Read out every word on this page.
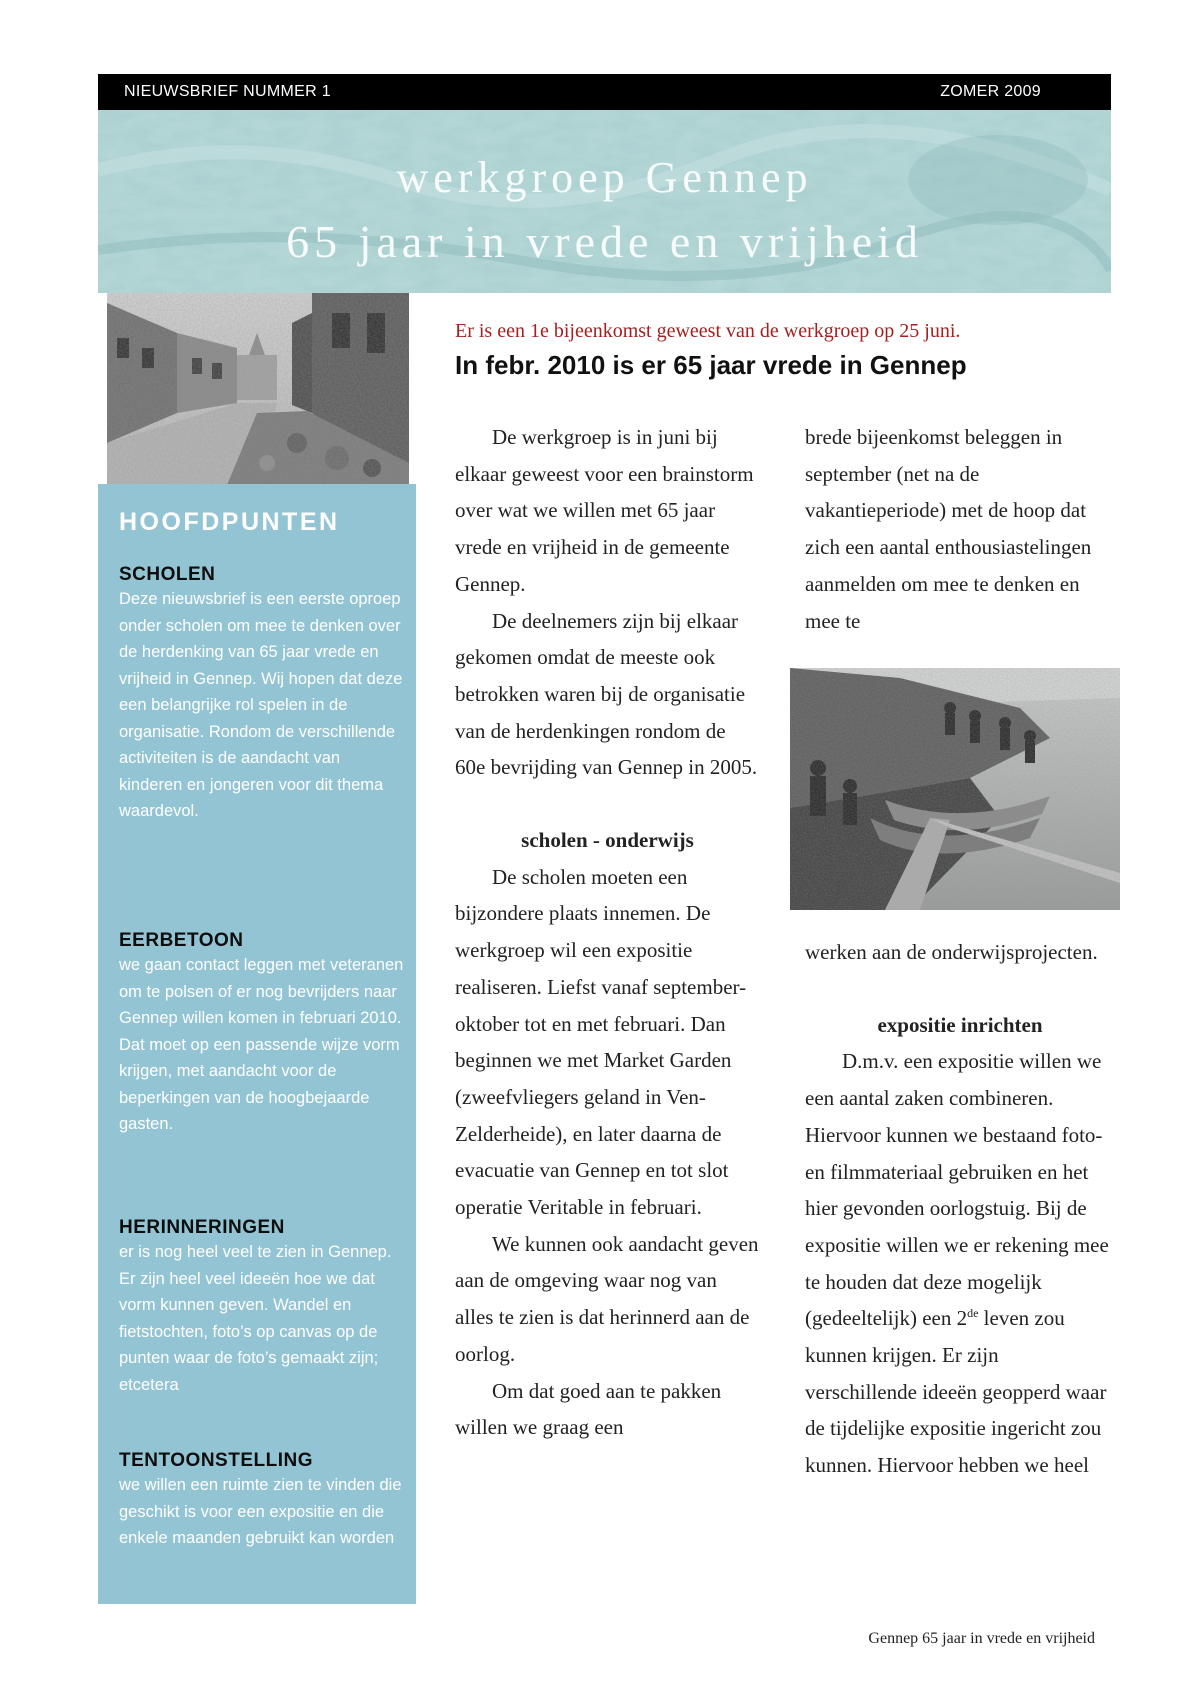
NIEUWSBRIEF NUMMER 1	ZOMER 2009
werkgroep Gennep
65 jaar in vrede en vrijheid
HOOFDPUNTEN
SCHOLEN
Deze nieuwsbrief is een eerste oproep onder scholen om mee te denken over de herdenking van 65 jaar vrede en vrijheid in Gennep. Wij hopen dat deze een belangrijke rol spelen in de organisatie. Rondom de verschillende activiteiten is de aandacht van kinderen en jongeren voor dit thema waardevol.
EERBETOON
we gaan contact leggen met veteranen om te polsen of er nog bevrijders naar Gennep willen komen in februari 2010. Dat moet op een passende wijze vorm krijgen, met aandacht voor de beperkingen van de hoogbejaarde gasten.
HERINNERINGEN
er is nog heel veel te zien in Gennep. Er zijn heel veel ideeën hoe we dat vorm kunnen geven. Wandel en fietstochten, foto’s op canvas op de punten waar de foto’s gemaakt zijn; etcetera
TENTOONSTELLING
we willen een ruimte zien te vinden die geschikt is voor een expositie en die enkele maanden gebruikt kan worden
Er is een 1e bijeenkomst geweest van de werkgroep op 25 juni.
In febr. 2010 is er 65 jaar vrede in Gennep

De werkgroep is in juni bij elkaar geweest voor een brainstorm over wat we willen met 65 jaar vrede en vrijheid in de gemeente Gennep.

De deelnemers zijn bij elkaar gekomen omdat de meeste ook betrokken waren bij de organisatie van de herdenkingen rondom de 60e bevrijding van Gennep in 2005.

scholen - onderwijs

De scholen moeten een bijzondere plaats innemen. De werkgroep wil een expositie realiseren. Liefst vanaf september-oktober tot en met februari. Dan beginnen we met Market Garden (zweefvliegers geland in Ven-Zelderheide), en later daarna de evacuatie van Gennep en tot slot operatie Veritable in februari.

We kunnen ook aandacht geven aan de omgeving waar nog van alles te zien is dat herinnerd aan de oorlog.

Om dat goed aan te pakken willen we graag een

brede bijeenkomst beleggen in september (net na de vakantieperiode) met de hoop dat zich een aantal enthousiastelingen aanmelden om mee te denken en mee te

werken aan de onderwijsprojecten.

expositie inrichten

D.m.v. een expositie willen we een aantal zaken combineren. Hiervoor kunnen we bestaand foto- en filmmateriaal gebruiken en het hier gevonden oorlogstuig. Bij de expositie willen we er rekening mee te houden dat deze mogelijk (gedeeltelijk) een 2de leven zou kunnen krijgen. Er zijn verschillende ideeën geopperd waar de tijdelijke expositie ingericht zou kunnen. Hiervoor hebben we heel

Gennep 65 jaar in vrede en vrijheid
